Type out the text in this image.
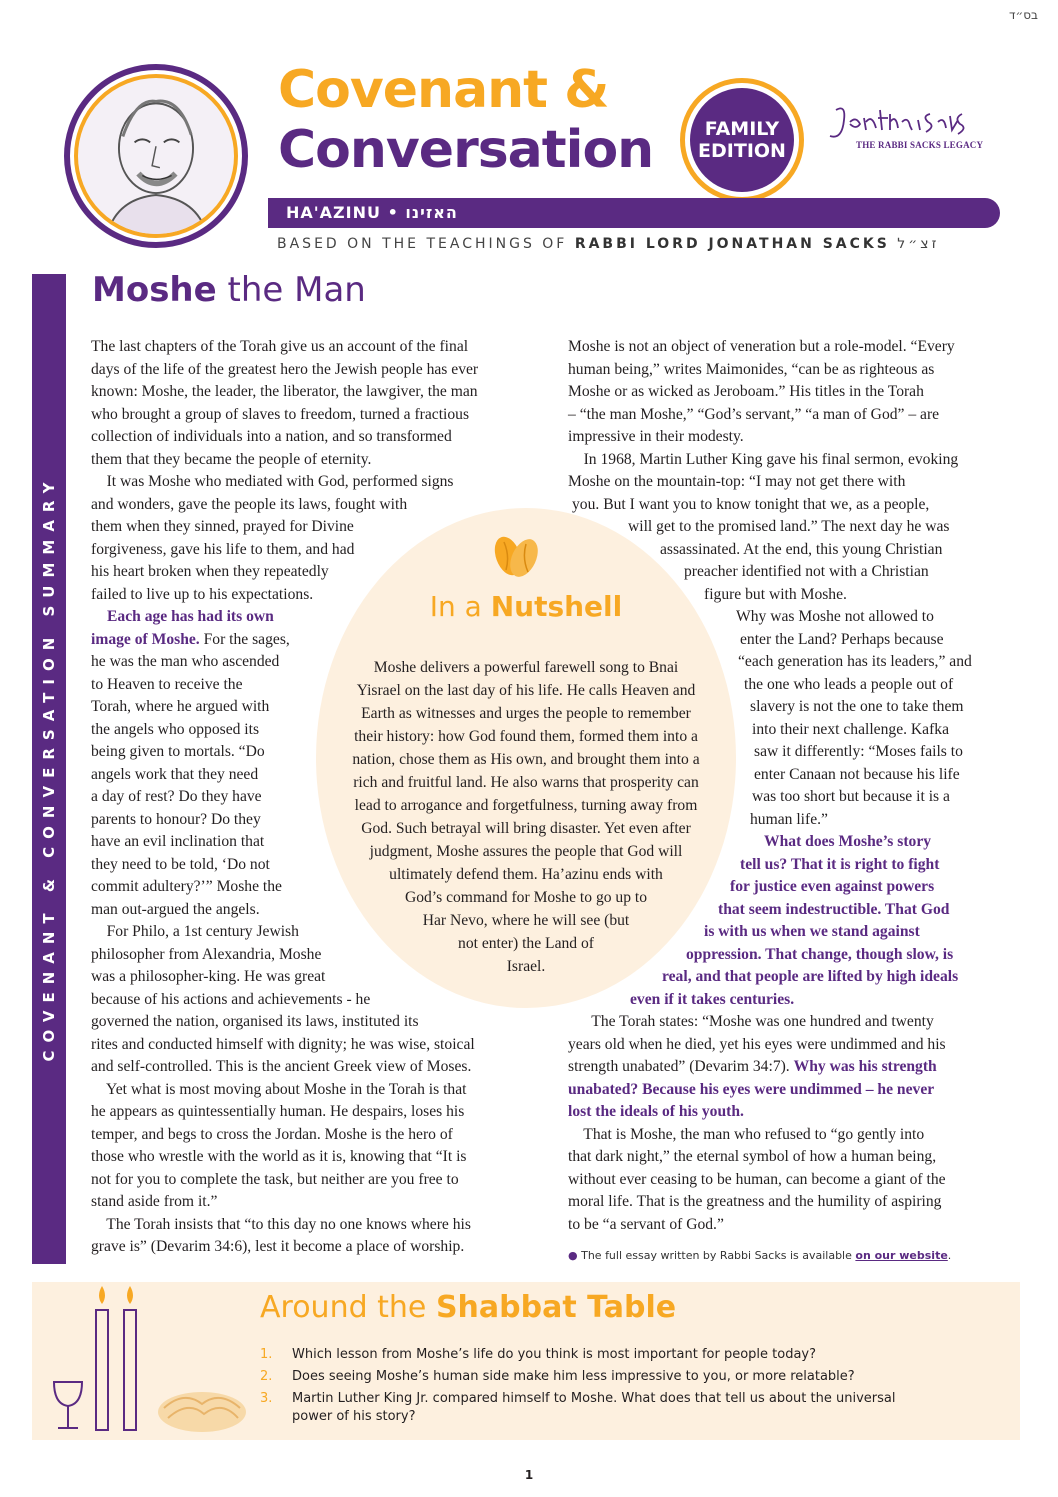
בס״ד
Covenant &
Conversation	FAMILY
EDITION	THE RABBI SACKS LEGACY
HA'AZINU • האזינו
BASED ON THE TEACHINGS OF RABBI LORD JONATHAN SACKS זצ״ל
COVENANT & CONVERSATION SUMMARY
Moshe the Man
In a Nutshell

Moshe delivers a powerful farewell song to Bnai

Yisrael on the last day of his life. He calls Heaven and

Earth as witnesses and urges the people to remember

their history: how God found them, formed them into a

nation, chose them as His own, and brought them into a

rich and fruitful land. He also warns that prosperity can

lead to arrogance and forgetfulness, turning away from

God. Such betrayal will bring disaster. Yet even after

judgment, Moshe assures the people that God will

ultimately defend them. Ha’azinu ends with

God’s command for Moshe to go up to

Har Nevo, where he will see (but

not enter) the Land of

Israel.

The last chapters of the Torah give us an account of the final

days of the life of the greatest hero the Jewish people has ever

known: Moshe, the leader, the liberator, the lawgiver, the man

who brought a group of slaves to freedom, turned a fractious

collection of individuals into a nation, and so transformed

them that they became the people of eternity.

It was Moshe who mediated with God, performed signs

and wonders, gave the people its laws, fought with

them when they sinned, prayed for Divine

forgiveness, gave his life to them, and had

his heart broken when they repeatedly

failed to live up to his expectations.

Each age has had its own

image of Moshe. For the sages,

he was the man who ascended

to Heaven to receive the

Torah, where he argued with

the angels who opposed its

being given to mortals. “Do

angels work that they need

a day of rest? Do they have

parents to honour? Do they

have an evil inclination that

they need to be told, ‘Do not

commit adultery?’” Moshe the

man out-argued the angels.

For Philo, a 1st century Jewish

philosopher from Alexandria, Moshe

was a philosopher-king. He was great

because of his actions and achievements - he

governed the nation, organised its laws, instituted its

rites and conducted himself with dignity; he was wise, stoical

and self-controlled. This is the ancient Greek view of Moses.

Yet what is most moving about Moshe in the Torah is that

he appears as quintessentially human. He despairs, loses his

temper, and begs to cross the Jordan. Moshe is the hero of

those who wrestle with the world as it is, knowing that “It is

not for you to complete the task, but neither are you free to

stand aside from it.”

The Torah insists that “to this day no one knows where his

grave is” (Devarim 34:6), lest it become a place of worship.

Moshe is not an object of veneration but a role-model. “Every

human being,” writes Maimonides, “can be as righteous as

Moshe or as wicked as Jeroboam.” His titles in the Torah

– “the man Moshe,” “God’s servant,” “a man of God” – are

impressive in their modesty.

In 1968, Martin Luther King gave his final sermon, evoking

Moshe on the mountain-top: “I may not get there with

you. But I want you to know tonight that we, as a people,

will get to the promised land.” The next day he was

assassinated. At the end, this young Christian

preacher identified not with a Christian

figure but with Moshe.

Why was Moshe not allowed to

enter the Land? Perhaps because

“each generation has its leaders,” and

the one who leads a people out of

slavery is not the one to take them

into their next challenge. Kafka

saw it differently: “Moses fails to

enter Canaan not because his life

was too short but because it is a

human life.”

What does Moshe’s story

tell us? That it is right to fight

for justice even against powers

that seem indestructible. That God

is with us when we stand against

oppression. That change, though slow, is

real, and that people are lifted by high ideals

even if it takes centuries.

The Torah states: “Moshe was one hundred and twenty

years old when he died, yet his eyes were undimmed and his

strength unabated” (Devarim 34:7). Why was his strength

unabated? Because his eyes were undimmed – he never

lost the ideals of his youth.

That is Moshe, the man who refused to “go gently into

that dark night,” the eternal symbol of how a human being,

without ever ceasing to be human, can become a giant of the

moral life. That is the greatness and the humility of aspiring

to be “a servant of God.”

● The full essay written by Rabbi Sacks is available on our website.
Around the Shabbat Table
1. Which lesson from Moshe’s life do you think is most important for people today?
2. Does seeing Moshe’s human side make him less impressive to you, or more relatable?
3. Martin Luther King Jr. compared himself to Moshe. What does that tell us about the universal
power of his story?
1
